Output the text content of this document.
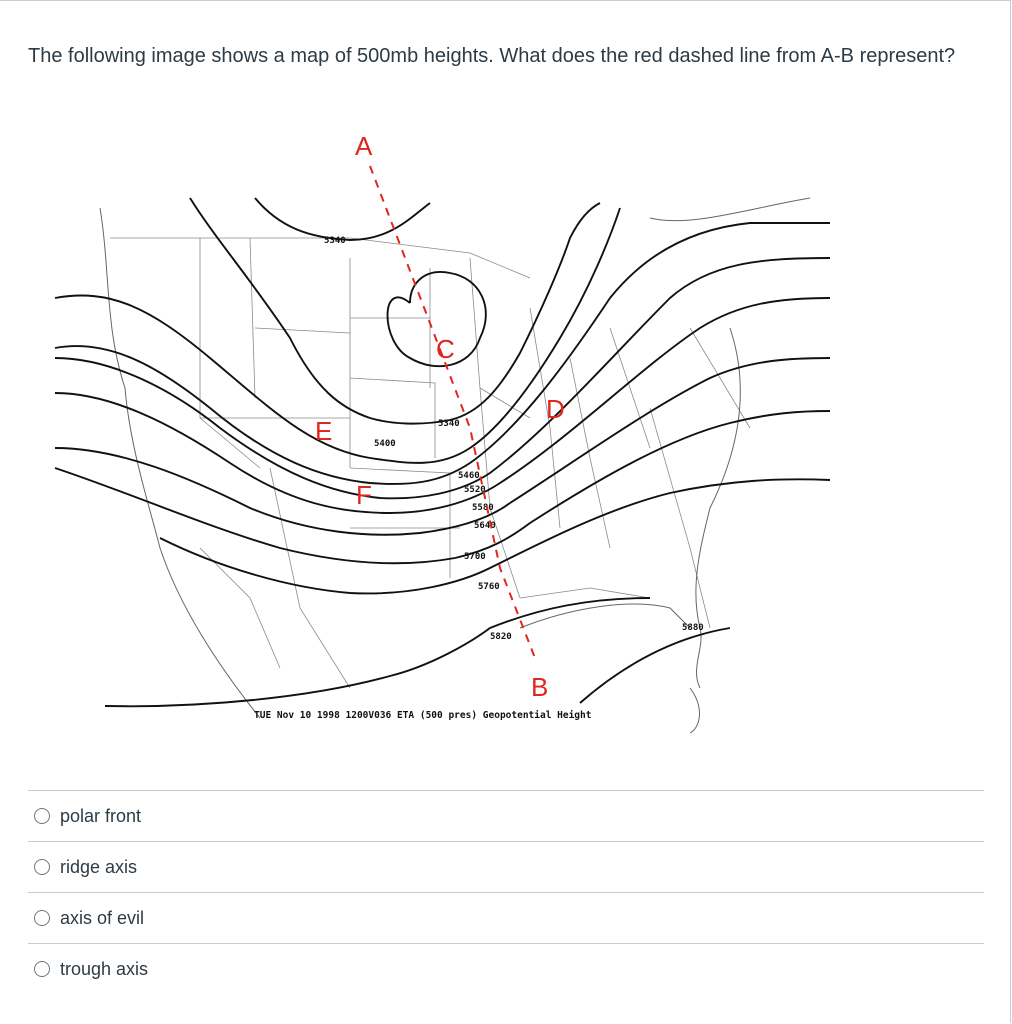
The following image shows a map of 500mb heights. What does the red dashed line from A-B represent?

5340
5340
5400
5460
5520
5580
5640
5700
5760
5820
5880
A
C
D
E
F
B
TUE Nov 10 1998 1200V036 ETA (500 pres) Geopotential Height
polar front
ridge axis
axis of evil
trough axis
